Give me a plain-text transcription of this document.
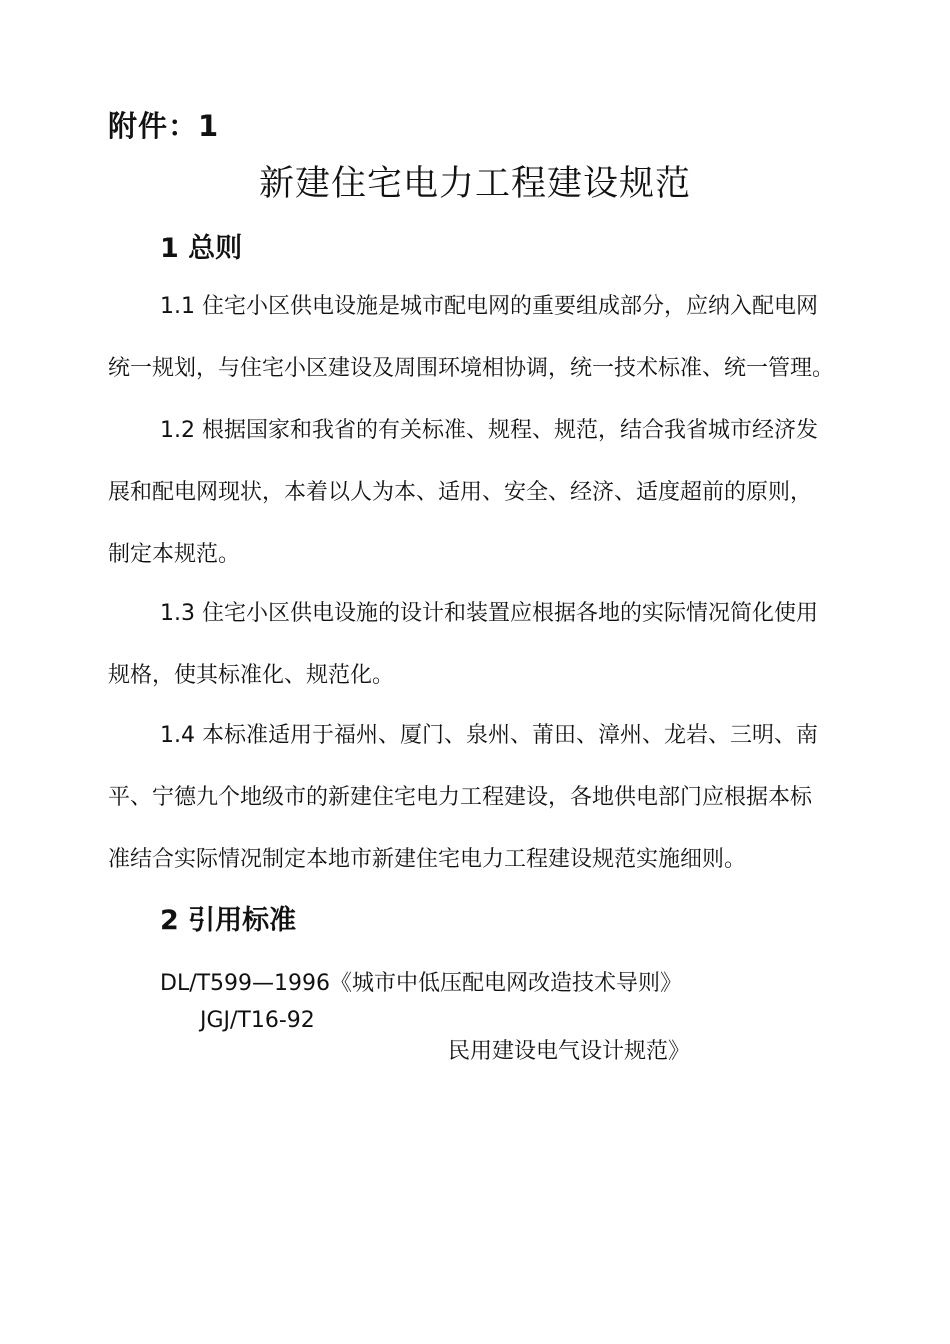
附件：1
新建住宅电力工程建设规范
1 总则
1.1 住宅小区供电设施是城市配电网的重要组成部分，应纳入配电网
统一规划，与住宅小区建设及周围环境相协调，统一技术标准、统一管理。
1.2 根据国家和我省的有关标准、规程、规范，结合我省城市经济发
展和配电网现状，本着以人为本、适用、安全、经济、适度超前的原则，
制定本规范。
1.3 住宅小区供电设施的设计和装置应根据各地的实际情况简化使用
规格，使其标准化、规范化。
1.4 本标准适用于福州、厦门、泉州、莆田、漳州、龙岩、三明、南
平、宁德九个地级市的新建住宅电力工程建设，各地供电部门应根据本标
准结合实际情况制定本地市新建住宅电力工程建设规范实施细则。
2 引用标准
DL/T599—1996《城市中低压配电网改造技术导则》
JGJ/T16-92
民用建设电气设计规范》
